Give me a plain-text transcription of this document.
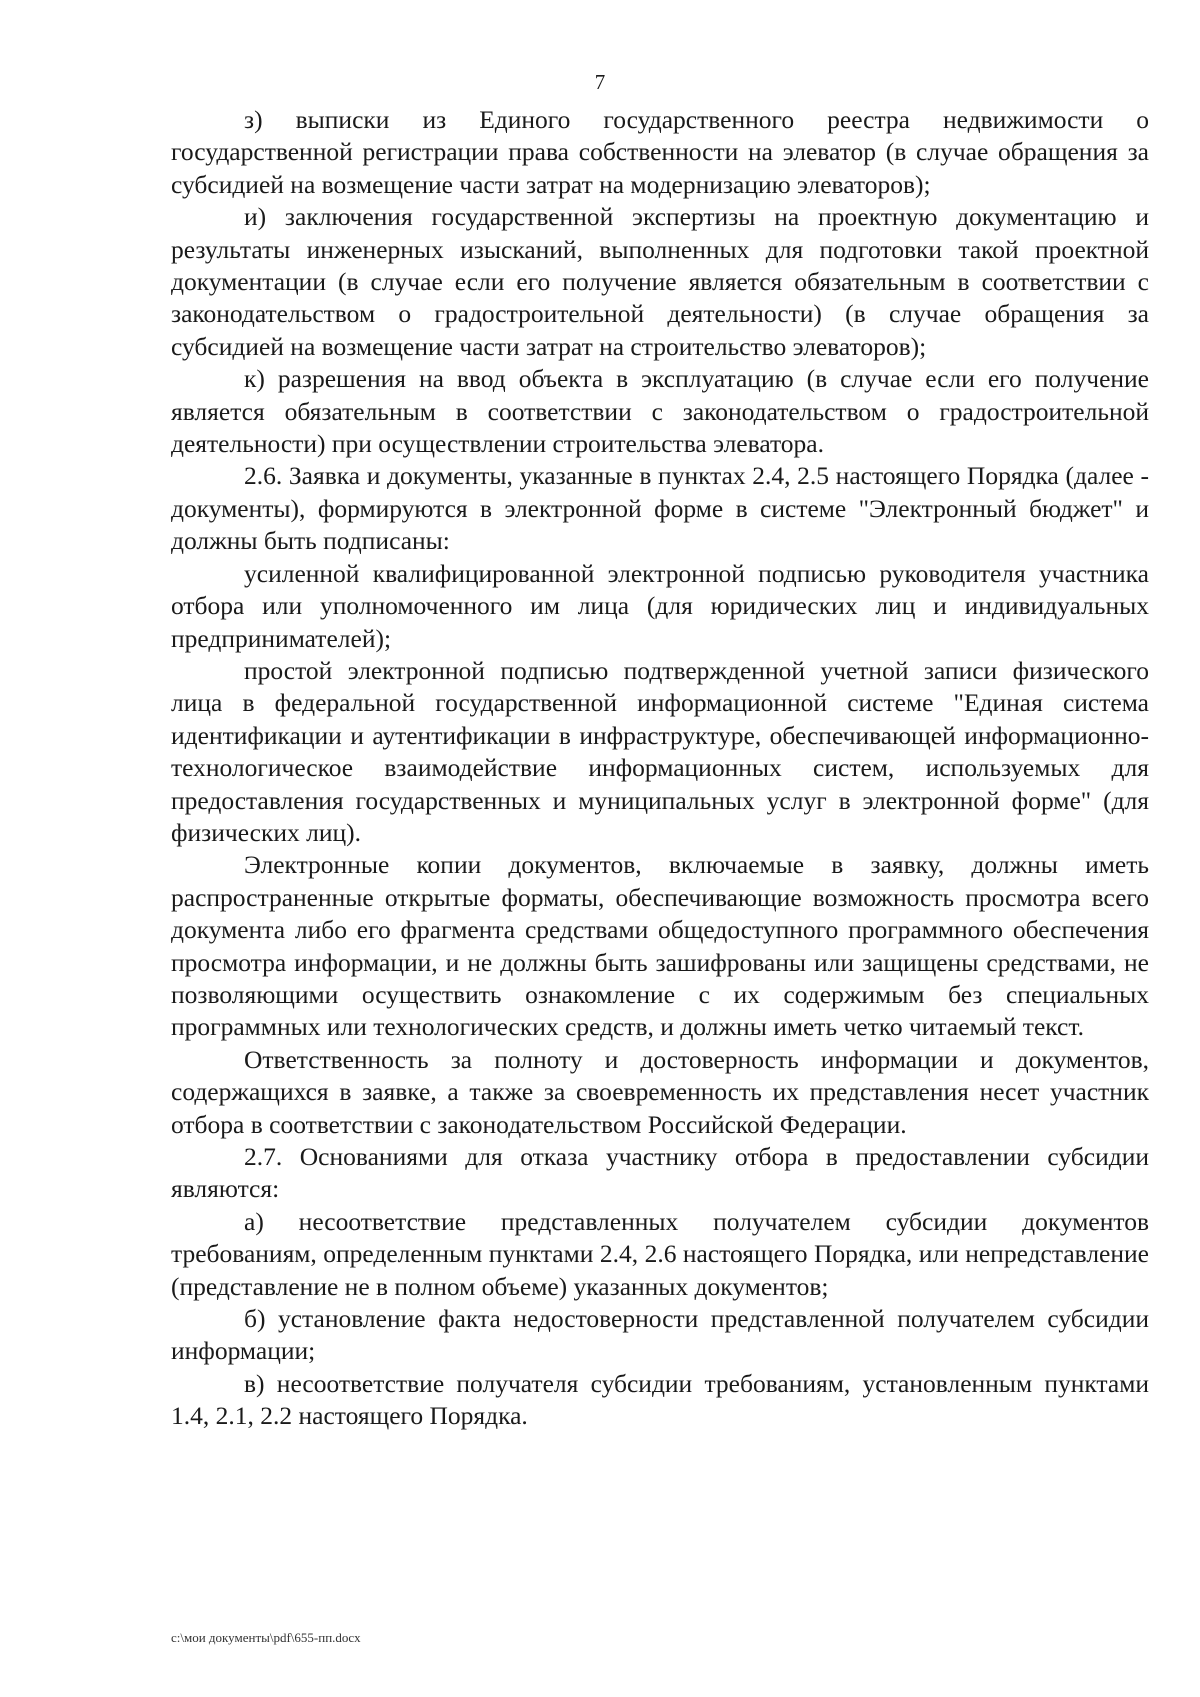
7

з) выписки из Единого государственного реестра недвижимости о государственной регистрации права собственности на элеватор (в случае обращения за субсидией на возмещение части затрат на модернизацию элеваторов);

и) заключения государственной экспертизы на проектную документацию и результаты инженерных изысканий, выполненных для подготовки такой проектной документации (в случае если его получение является обязательным в соответствии с законодательством о градостроительной деятельности) (в случае обращения за субсидией на возмещение части затрат на строительство элеваторов);

к) разрешения на ввод объекта в эксплуатацию (в случае если его получение является обязательным в соответствии с законодательством о градостроительной деятельности) при осуществлении строительства элеватора.

2.6. Заявка и документы, указанные в пунктах 2.4, 2.5 настоящего Порядка (далее - документы), формируются в электронной форме в системе "Электронный бюджет" и должны быть подписаны:

усиленной квалифицированной электронной подписью руководителя участника отбора или уполномоченного им лица (для юридических лиц и индивидуальных предпринимателей);

простой электронной подписью подтвержденной учетной записи физического лица в федеральной государственной информационной системе "Единая система идентификации и аутентификации в инфраструктуре, обеспечивающей информационно-технологическое взаимодействие информационных систем, используемых для предоставления государственных и муниципальных услуг в электронной форме" (для физических лиц).

Электронные копии документов, включаемые в заявку, должны иметь распространенные открытые форматы, обеспечивающие возможность просмотра всего документа либо его фрагмента средствами общедоступного программного обеспечения просмотра информации, и не должны быть зашифрованы или защищены средствами, не позволяющими осуществить ознакомление с их содержимым без специальных программных или технологических средств, и должны иметь четко читаемый текст.

Ответственность за полноту и достоверность информации и документов, содержащихся в заявке, а также за своевременность их представления несет участник отбора в соответствии с законодательством Российской Федерации.

2.7. Основаниями для отказа участнику отбора в предоставлении субсидии являются:

а) несоответствие представленных получателем субсидии документов требованиям, определенным пунктами 2.4, 2.6 настоящего Порядка, или непредставление (представление не в полном объеме) указанных документов;

б) установление факта недостоверности представленной получателем субсидии информации;

в) несоответствие получателя субсидии требованиям, установленным пунктами 1.4, 2.1, 2.2 настоящего Порядка.

c:\мои документы\pdf\655-пп.docx
